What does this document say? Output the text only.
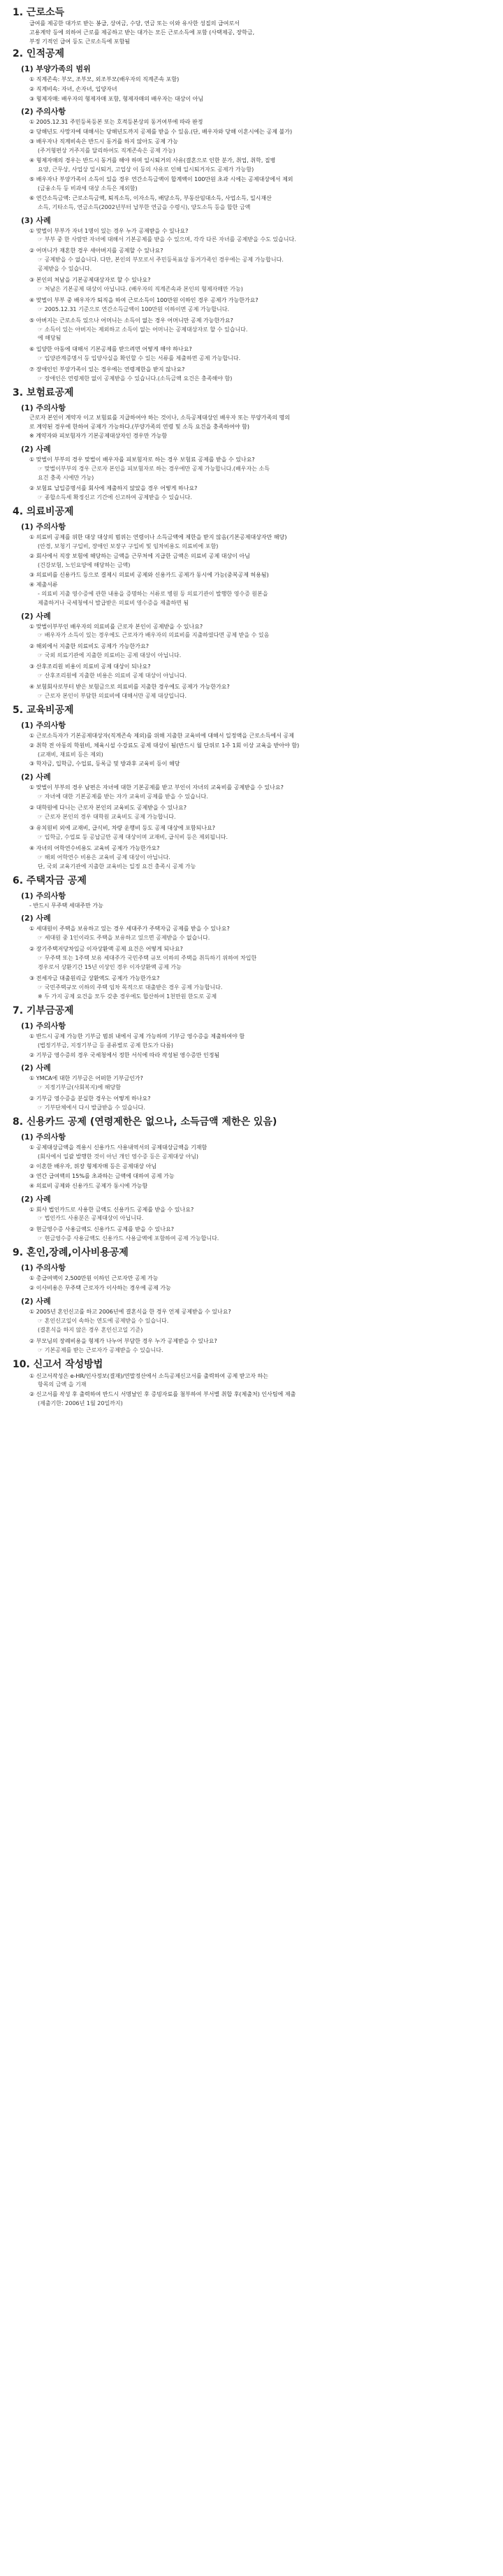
1. 근로소득
급여를 제공한 대가로 받는 봉급, 상여금, 수당, 연금 또는 이와 유사한 성질의 급여로서
고용계약 등에 의하여 근로를 제공하고 받는 대가는 모든 근로소득에 포함 (사택제공, 장학금,
부정 기적인 급여 등도 근로소득에 포함됨
2. 인적공제
(1) 부양가족의 범위
① 직계존속: 부모, 조부모, 외조부모(배우자의 직계존속 포함)
② 직계비속: 자녀, 손자녀, 입양자녀
③ 형제자매: 배우자의 형제자매 포함, 형제자매의 배우자는 대상이 아님
(2) 주의사항
① 2005.12.31 주민등록등본 또는 호적등본상의 동거여부에 따라 판정
② 당해년도 사망자에 대해서는 당해년도까지 공제를 받을 수 있음.(단, 배우자와 당해 이혼시에는 공제 불가)
③ 배우자나 직계비속은 반드시 동거를 하지 않아도 공제 가능
(주거형편상 거주지를 달리하여도 직계존속은 공제 가능)
④ 형제자매의 경우는 반드시 동거를 해야 하며 일시퇴거의 사유(결혼으로 인한 분가, 취업, 취학, 질병
요양, 근무상, 사업상 일시퇴거, 고업상 이 등의 사유로 인해 일시퇴거자도 공제가 가능함)
⑤ 배우자나 부양가족이 소득이 있을 경우 연간소득금액이 합계액이 100만원 초과 시에는 공제대상에서 제외
(금융소득 등 비과세 대상 소득은 제외함)
⑥ 연간소득금액: 근로소득금액, 퇴직소득, 이자소득, 배당소득, 부동산임대소득, 사업소득, 일시재산
소득, 기타소득, 연금소득(2002년부터 납부한 연금을 수령시), 양도소득 등을 합한 금액
(3) 사례
① 맞벌이 부부가 자녀 1명이 있는 경우 누가 공제받을 수 있나요?
☞ 부부 중 한 사람만 자녀에 대해서 기본공제를 받을 수 있으며, 각각 다른 자녀를 공제받을 수도 있습니다.
② 어머니가 재혼한 경우 새아버지를 공제할 수 있나요?
☞ 공제받을 수 없습니다. 다만, 본인의 부모로서 주민등록표상 동거가족인 경우에는 공제 가능합니다.
공제받을 수 있습니다.
③ 본인의 처남을 기본공제대상자로 할 수 있나요?
☞ 처남은 기본공제 대상이 아닙니다. (배우자의 직계존속과 본인의 형제자매만 가능)
④ 맞벌이 부부 중 배우자가 퇴직을 하여 근로소득이 100만원 이하인 경우 공제가 가능한가요?
☞ 2005.12.31 기준으로 연간소득금액이 100만원 이하이면 공제 가능합니다.
⑤ 아버지는 근로소득 있으나 어머니는 소득이 없는 경우 어머니만 공제 가능한가요?
☞ 소득이 있는 아버지는 제외하고 소득이 없는 어머니는 공제대상자로 할 수 있습니다.
에 해당됨
⑥ 입양한 아동에 대해서 기본공제를 받으려면 어떻게 해야 하나요?
☞ 입양관계증명서 등 입양사실을 확인할 수 있는 서류를 제출하면 공제 가능합니다.
⑦ 장애인인 부양가족이 있는 경우에는 연령제한을 받지 않나요?
☞ 장애인은 연령제한 없이 공제받을 수 있습니다.(소득금액 요건은 충족해야 함)
3. 보험료공제
(1) 주의사항
근로자 본인이 계약자 이고 보험료를 지급하여야 하는 것이나, 소득공제대상인 배우자 또는 부양가족의 명의
로 계약된 경우에 한하여 공제가 가능하다.(부양가족의 연령 및 소득 요건을 충족하여야 함)
※ 계약자와 피보험자가 기본공제대상자인 경우만 가능함
(2) 사례
① 맞벌이 부부의 경우 맞벌이 배우자를 피보험자로 하는 경우 보험료 공제를 받을 수 있나요?
☞ 맞벌이부부의 경우 근로자 본인을 피보험자로 하는 경우에만 공제 가능합니다.(배우자는 소득
요건 충족 시에만 가능)
② 보험료 납입증명서를 회사에 제출하지 않았을 경우 어떻게 하나요?
☞ 종합소득세 확정신고 기간에 신고하여 공제받을 수 있습니다.
4. 의료비공제
(1) 주의사항
① 의료비 공제를 위한 대상 대상의 범위는 연령이나 소득금액에 제한을 받지 않음(기본공제대상자만 해당)
(안경, 보청기 구입비, 장애인 보장구 구입비 및 임차비용도 의료비에 포함)
② 회사에서 직장 보험에 해당하는 금액을 근무처에 지급한 금액은 의료비 공제 대상이 아님
(건강보험, 노인요양에 해당하는 금액)
③ 의료비를 신용카드 등으로 결제시 의료비 공제와 신용카드 공제가 동시에 가능(중복공제 허용됨)
④ 제출서류
- 의료비 지출 영수증에 관한 내용을 증명하는 서류로 병원 등 의료기관이 발행한 영수증 원본을
제출하거나 국세청에서 발급받은 의료비 영수증을 제출하면 됨
(2) 사례
① 맞벌이부부인 배우자의 의료비를 근로자 본인이 공제받을 수 있나요?
☞ 배우자가 소득이 있는 경우에도 근로자가 배우자의 의료비를 지출하였다면 공제 받을 수 있음
② 해외에서 지출한 의료비도 공제가 가능한가요?
☞ 국외 의료기관에 지출한 의료비는 공제 대상이 아닙니다.
③ 산후조리원 비용이 의료비 공제 대상이 되나요?
☞ 산후조리원에 지출한 비용은 의료비 공제 대상이 아닙니다.
④ 보험회사로부터 받은 보험금으로 의료비를 지출한 경우에도 공제가 가능한가요?
☞ 근로자 본인이 부담한 의료비에 대해서만 공제 대상입니다.
5. 교육비공제
(1) 주의사항
① 근로소득자가 기본공제대상자(직계존속 제외)를 위해 지출한 교육비에 대해서 일정액을 근로소득에서 공제
② 취학 전 아동의 학원비, 체육시설 수강료도 공제 대상이 됨(반드시 월 단위로 1주 1회 이상 교육을 받아야 함)
(교재비, 재료비 등은 제외)
③ 학자금, 입학금, 수업료, 등록금 및 방과후 교육비 등이 해당
(2) 사례
① 맞벌이 부부의 경우 남편은 자녀에 대한 기본공제를 받고 부인이 자녀의 교육비를 공제받을 수 있나요?
☞ 자녀에 대한 기본공제를 받는 자가 교육비 공제를 받을 수 있습니다.
② 대학원에 다니는 근로자 본인의 교육비도 공제받을 수 있나요?
☞ 근로자 본인의 경우 대학원 교육비도 공제 가능합니다.
③ 유치원비 외에 교재비, 급식비, 차량 운행비 등도 공제 대상에 포함되나요?
☞ 입학금, 수업료 등 공납금만 공제 대상이며 교재비, 급식비 등은 제외됩니다.
④ 자녀의 어학연수비용도 교육비 공제가 가능한가요?
☞ 해외 어학연수 비용은 교육비 공제 대상이 아닙니다.
단, 국외 교육기관에 지출한 교육비는 일정 요건 충족시 공제 가능
6. 주택자금 공제
(1) 주의사항
- 반드시 무주택 세대주만 가능
(2) 사례
① 세대원이 주택을 보유하고 있는 경우 세대주가 주택자금 공제를 받을 수 있나요?
☞ 세대원 중 1인이라도 주택을 보유하고 있으면 공제받을 수 없습니다.
② 장기주택저당차입금 이자상환액 공제 요건은 어떻게 되나요?
☞ 무주택 또는 1주택 보유 세대주가 국민주택 규모 이하의 주택을 취득하기 위하여 차입한
경우로서 상환기간 15년 이상인 경우 이자상환액 공제 가능
③ 전세자금 대출원리금 상환액도 공제가 가능한가요?
☞ 국민주택규모 이하의 주택 임차 목적으로 대출받은 경우 공제 가능합니다.
※ 두 가지 공제 요건을 모두 갖춘 경우에도 합산하여 1천만원 한도로 공제
7. 기부금공제
(1) 주의사항
① 반드시 공제 가능한 기부금 범위 내에서 공제 가능하며 기부금 영수증을 제출하여야 함
(법정기부금, 지정기부금 등 종류별로 공제 한도가 다름)
② 기부금 영수증의 경우 국세청에서 정한 서식에 따라 작성된 영수증만 인정됨
(2) 사례
① YMCA에 대한 기부금은 어떠한 기부금인가?
☞ 지정기부금(사회복지)에 해당함
② 기부금 영수증을 분실한 경우는 어떻게 하나요?
☞ 기부단체에서 다시 발급받을 수 있습니다.
8. 신용카드 공제 (연령제한은 없으나, 소득금액 제한은 있음)
(1) 주의사항
① 공제대상금액을 적용시 신용카드 사용내역서의 공제대상금액을 기재함
(회사에서 일괄 발행한 것이 아닌 개인 영수증 등은 공제대상 아님)
② 이혼한 배우자, 위장 형제자매 등은 공제대상 아님
③ 연간 급여액의 15%를 초과하는 금액에 대하여 공제 가능
④ 의료비 공제와 신용카드 공제가 동시에 가능함
(2) 사례
① 회사 법인카드로 사용한 금액도 신용카드 공제를 받을 수 있나요?
☞ 법인카드 사용분은 공제대상이 아닙니다.
② 현금영수증 사용금액도 신용카드 공제를 받을 수 있나요?
☞ 현금영수증 사용금액도 신용카드 사용금액에 포함하여 공제 가능합니다.
9. 혼인,장례,이사비용공제
(1) 주의사항
① 총급여액이 2,500만원 이하인 근로자만 공제 가능
② 이사비용은 무주택 근로자가 이사하는 경우에 공제 가능
(2) 사례
① 2005년 혼인신고를 하고 2006년에 결혼식을 한 경우 언제 공제받을 수 있나요?
☞ 혼인신고일이 속하는 연도에 공제받을 수 있습니다.
(결혼식을 하지 않은 경우 혼인신고일 기준)
② 부모님의 장례비용을 형제가 나누어 부담한 경우 누가 공제받을 수 있나요?
☞ 기본공제를 받는 근로자가 공제받을 수 있습니다.
10. 신고서 작성방법
① 신고서작성은 e-HR/인사정보(결재)/연말정산에서 소득공제신고서를 출력하여 공제 받고자 하는
항목의 금액 을 기재
② 신고서를 작성 후 출력하여 반드시 서명날인 후 증빙자료를 첨부하여 부서별 취합 후(제출처) 인사팀에 제출
(제출기한: 2006년 1월 20일까지)
